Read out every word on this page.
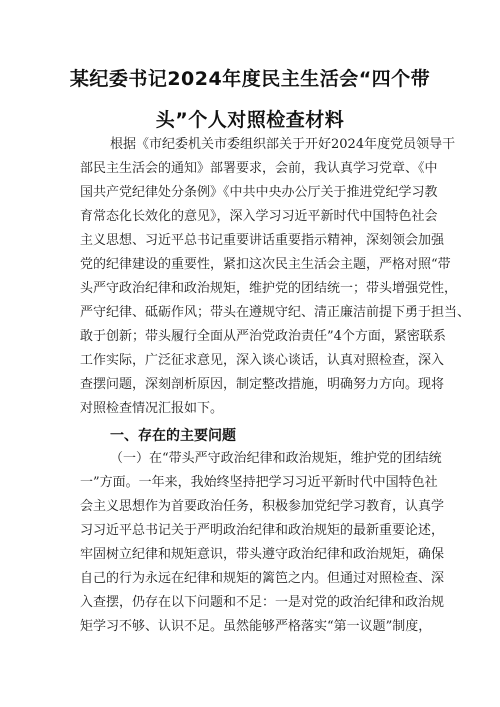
某纪委书记2024年度民主生活会“四个带
头”个人对照检查材料
根据《市纪委机关市委组织部关于开好2024年度党员领导干
部民主生活会的通知》部署要求，会前，我认真学习党章、《中
国共产党纪律处分条例》《中共中央办公厅关于推进党纪学习教
育常态化长效化的意见》，深入学习习近平新时代中国特色社会
主义思想、习近平总书记重要讲话重要指示精神，深刻领会加强
党的纪律建设的重要性，紧扣这次民主生活会主题，严格对照“带
头严守政治纪律和政治规矩，维护党的团结统一；带头增强党性，
严守纪律、砥砺作风；带头在遵规守纪、清正廉洁前提下勇于担当、
敢于创新；带头履行全面从严治党政治责任”4个方面，紧密联系
工作实际，广泛征求意见，深入谈心谈话，认真对照检查，深入
查摆问题，深刻剖析原因，制定整改措施，明确努力方向。现将
对照检查情况汇报如下。
一、存在的主要问题
（一）在“带头严守政治纪律和政治规矩，维护党的团结统
一”方面。一年来，我始终坚持把学习习近平新时代中国特色社
会主义思想作为首要政治任务，积极参加党纪学习教育，认真学
习习近平总书记关于严明政治纪律和政治规矩的最新重要论述，
牢固树立纪律和规矩意识，带头遵守政治纪律和政治规矩，确保
自己的行为永远在纪律和规矩的篱笆之内。但通过对照检查、深
入查摆，仍存在以下问题和不足：一是对党的政治纪律和政治规
矩学习不够、认识不足。虽然能够严格落实“第一议题”制度，
